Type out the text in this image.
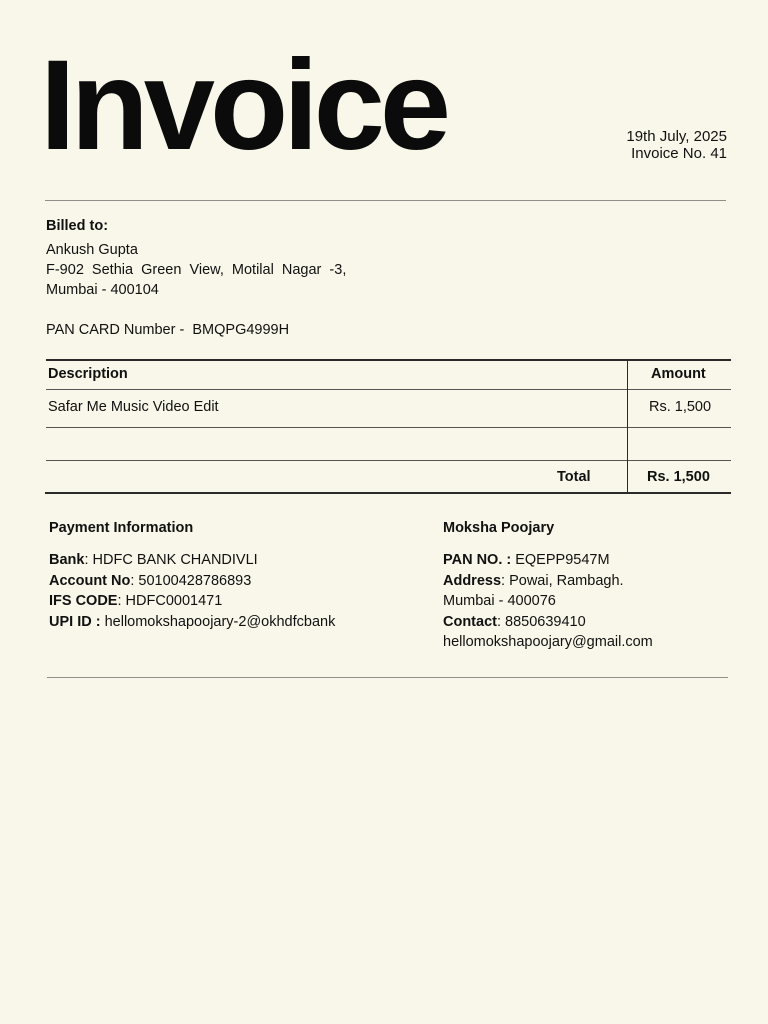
Invoice	19th July, 2025
Invoice No. 41
Billed to:
Ankush Gupta
F-902  Sethia  Green  View,  Motilal  Nagar  -3,
Mumbai - 400104
PAN CARD Number -  BMQPG4999H
Description	Amount
Safar Me Music Video Edit	Rs. 1,500
Total	Rs. 1,500
Payment Information
Bank: HDFC BANK CHANDIVLI
Account No: 50100428786893
IFS CODE: HDFC0001471
UPI ID : hellomokshapoojary-2@okhdfcbank
Moksha Poojary
PAN NO. : EQEPP9547M
Address: Powai, Rambagh.
Mumbai - 400076
Contact: 8850639410
hellomokshapoojary@gmail.com
